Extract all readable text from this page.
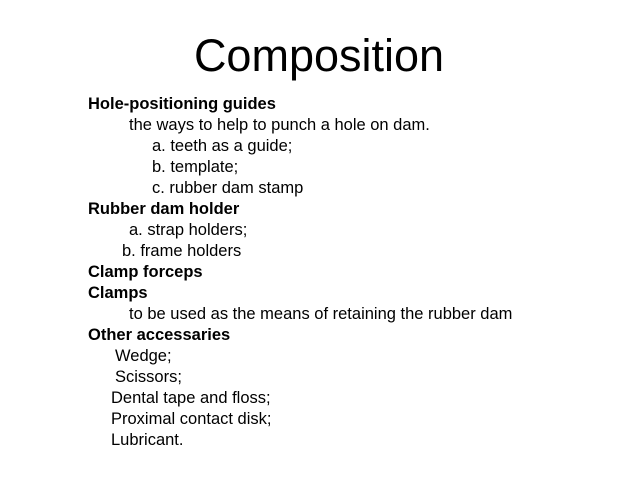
Composition
Hole-positioning guides
the ways to help to punch a hole on dam.
a. teeth as a guide;
b. template;
c. rubber dam stamp
Rubber dam holder
a. strap holders;
b. frame holders
Clamp forceps
Clamps
to be used as the means of retaining the rubber dam
Other accessaries
Wedge;
Scissors;
Dental tape and floss;
Proximal contact disk;
Lubricant.
